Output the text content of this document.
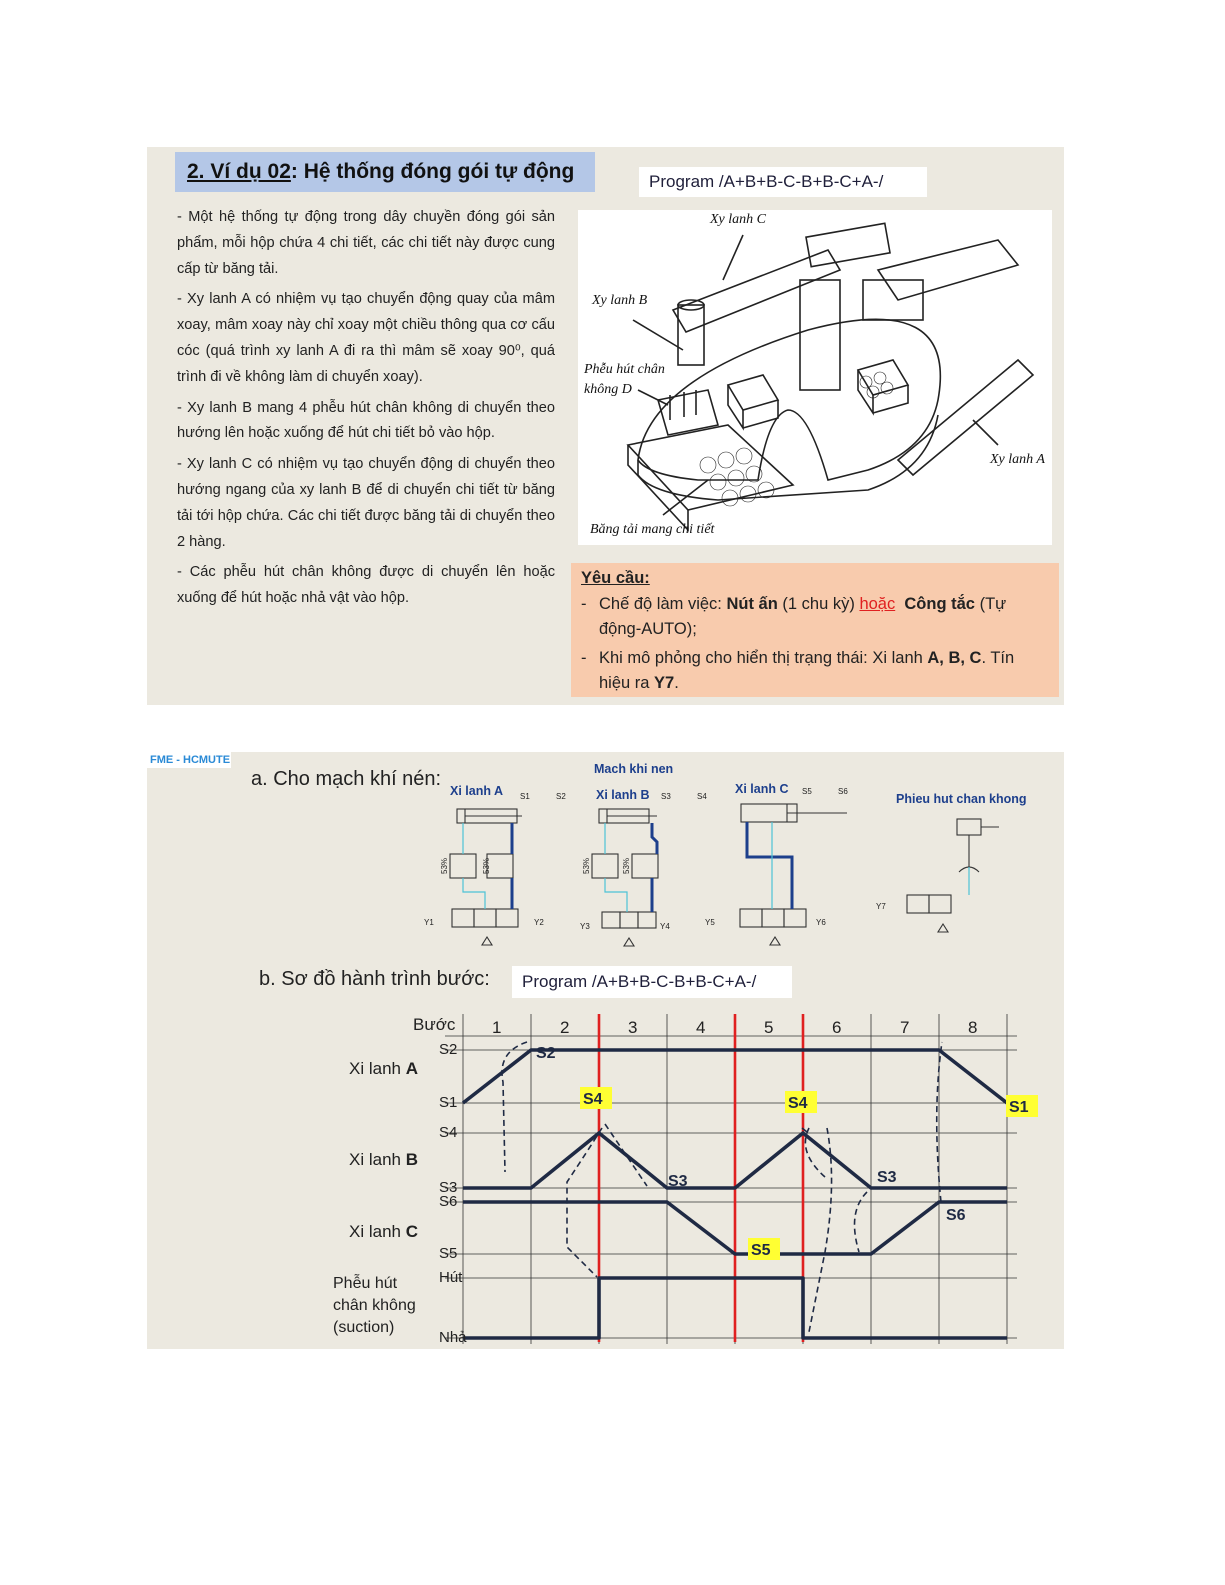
2. Ví dụ 02: Hệ thống đóng gói tự động	Program /A+B+B-C-B+B-C+A-/

- Một hệ thống tự động trong dây chuyền đóng gói sản phẩm, mỗi hộp chứa 4 chi tiết, các chi tiết này được cung cấp từ băng tải.

- Xy lanh A có nhiệm vụ tạo chuyển động quay của mâm xoay, mâm xoay này chỉ xoay một chiều thông qua cơ cấu cóc (quá trình xy lanh A đi ra thì mâm sẽ xoay 90⁰, quá trình đi về không làm di chuyển xoay).

- Xy lanh B mang 4 phễu hút chân không di chuyển theo hướng lên hoặc xuống để hút chi tiết bỏ vào hộp.

- Xy lanh C có nhiệm vụ tạo chuyển động di chuyển theo hướng ngang của xy lanh B để di chuyển chi tiết từ băng tải tới hộp chứa. Các chi tiết được băng tải di chuyển theo 2 hàng.

- Các phễu hút chân không được di chuyển lên hoặc xuống để hút hoặc nhả vật vào hộp.

Xy lanh C
Xy lanh B
Phễu hút chân
không D
Xy lanh A
Băng tải mang chi tiết
Yêu cầu:
- Chế độ làm việc: Nút ấn (1 chu kỳ) hoặc Công tắc (Tự động-AUTO);
- Khi mô phỏng cho hiển thị trạng thái: Xi lanh A, B, C. Tín hiệu ra Y7.
FME - HCMUTE
a. Cho mạch khí nén:
S1	S2	S3	S4
S5	S6
Y1	Y2	Y3	Y4	Y5	Y6
Y7
53%	53%	53%	53%
Mach khi nen
Xi lanh A	Xi lanh B	Xi lanh C
Phieu hut chan khong
b. Sơ đồ hành trình bước:	Program /A+B+B-C-B+B-C+A-/
Bước 1	2	3	4	5	6	7	8
S2
S1
S4
S3
S6
S5
Hút
Nhả
Xi lanh A
Xi lanh B
Xi lanh C
Phễu hút
chân không
(suction)
S2
S4	S4	S1
S3	S3
S6
S5
